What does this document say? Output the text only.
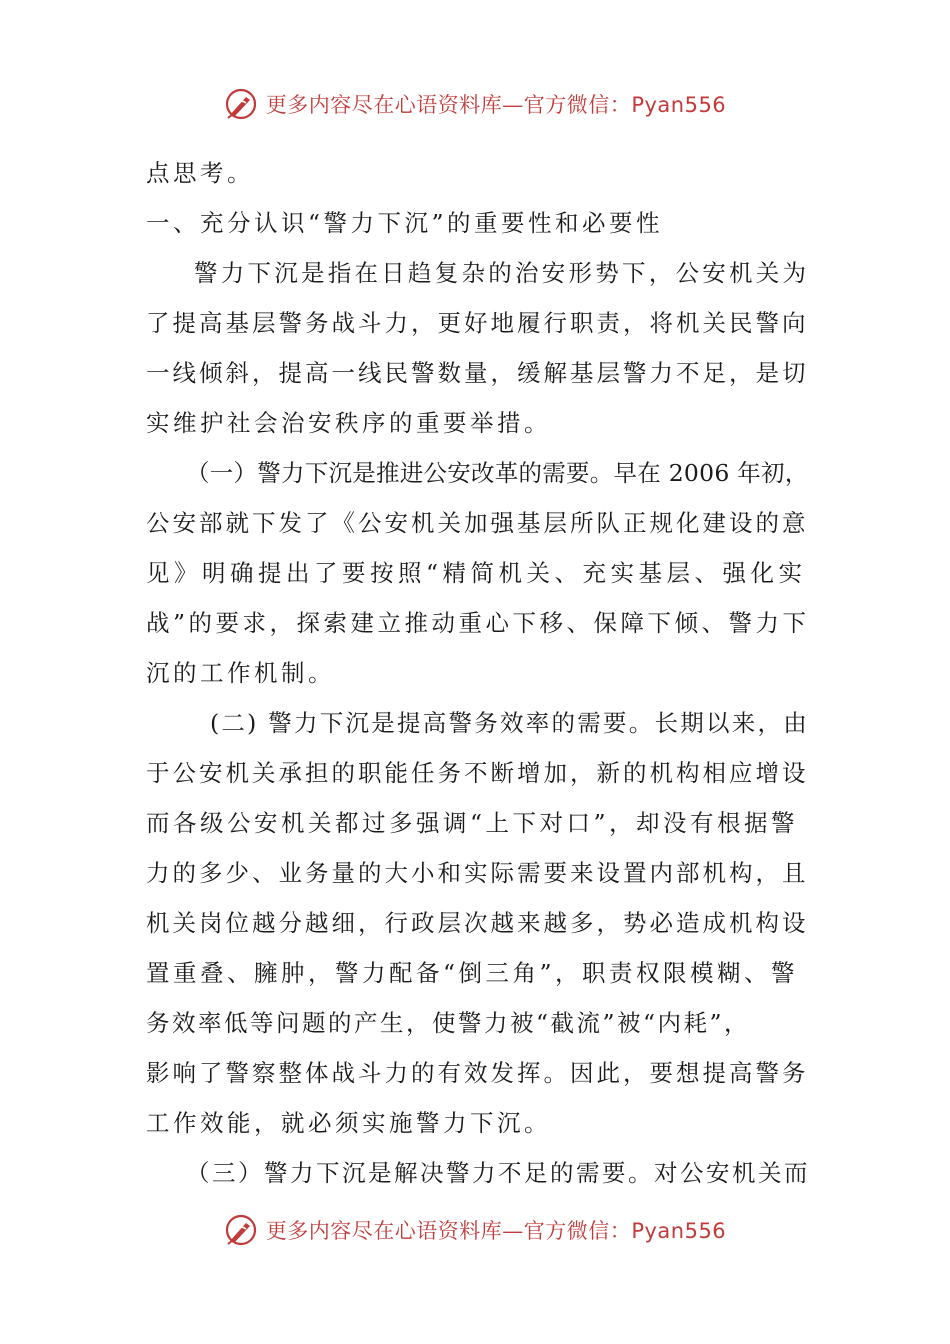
更多内容尽在心语资料库—官方微信：Pyan556
点思考。
一、充分认识“警力下沉”的重要性和必要性
警力下沉是指在日趋复杂的治安形势下，公安机关为
了提高基层警务战斗力，更好地履行职责，将机关民警向
一线倾斜，提高一线民警数量，缓解基层警力不足，是切
实维护社会治安秩序的重要举措。
（一）警力下沉是推进公安改革的需要。早在 2006 年初，
公安部就下发了《公安机关加强基层所队正规化建设的意
见》明确提出了要按照“精简机关、充实基层、强化实
战”的要求，探索建立推动重心下移、保障下倾、警力下
沉的工作机制。
(二) 警力下沉是提高警务效率的需要。长期以来，由
于公安机关承担的职能任务不断增加，新的机构相应增设
而各级公安机关都过多强调“上下对口”，却没有根据警
力的多少、业务量的大小和实际需要来设置内部机构，且
机关岗位越分越细，行政层次越来越多，势必造成机构设
置重叠、臃肿，警力配备“倒三角”，职责权限模糊、警
务效率低等问题的产生，使警力被“截流”被“内耗”，
影响了警察整体战斗力的有效发挥。因此，要想提高警务
工作效能，就必须实施警力下沉。
（三）警力下沉是解决警力不足的需要。对公安机关而
更多内容尽在心语资料库—官方微信：Pyan556
